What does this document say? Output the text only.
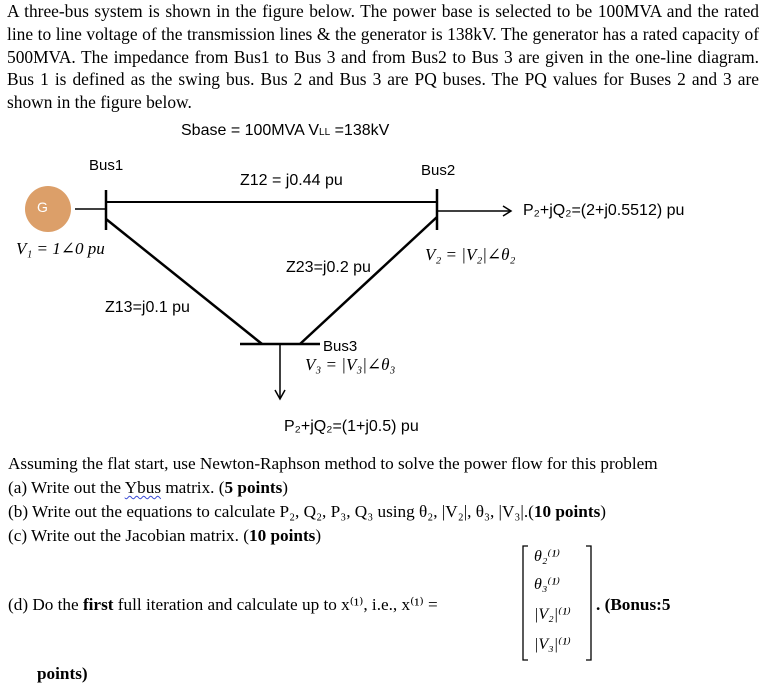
A three-bus system is shown in the figure below. The power base is selected to be 100MVA and the rated line to line voltage of the transmission lines & the generator is 138kV. The generator has a rated capacity of 500MVA. The impedance from Bus1 to Bus 3 and from Bus2 to Bus 3 are given in the one-line diagram. Bus 1 is defined as the swing bus. Bus 2 and Bus 3 are PQ buses. The PQ values for Buses 2 and 3 are shown in the figure below.

Sbase = 100MVA VLL =138kV
G
Bus1	Bus2
Bus3
Z12 = j0.44 pu
Z23=j0.2 pu
Z13=j0.1 pu
V₁ = 1∠0 pu	V₂ = |V₂|∠θ₂
V₃ = |V₃|∠θ₃
P₂+jQ₂=(2+j0.5512) pu
P₂+jQ₂=(1+j0.5) pu
Assuming the flat start, use Newton-Raphson method to solve the power flow for this problem
(a) Write out the Ybus matrix. (5 points)
(b) Write out the equations to calculate P₂, Q₂, P₃, Q₃ using θ₂, |V₂|, θ₃, |V₃|.(10 points)
(c) Write out the Jacobian matrix. (10 points)
(d) Do the first full iteration and calculate up to x⁽¹⁾, i.e., x⁽¹⁾ =
θ₂⁽¹⁾
θ₃⁽¹⁾
|V₂|⁽¹⁾
|V₃|⁽¹⁾
. (Bonus:5
points)
